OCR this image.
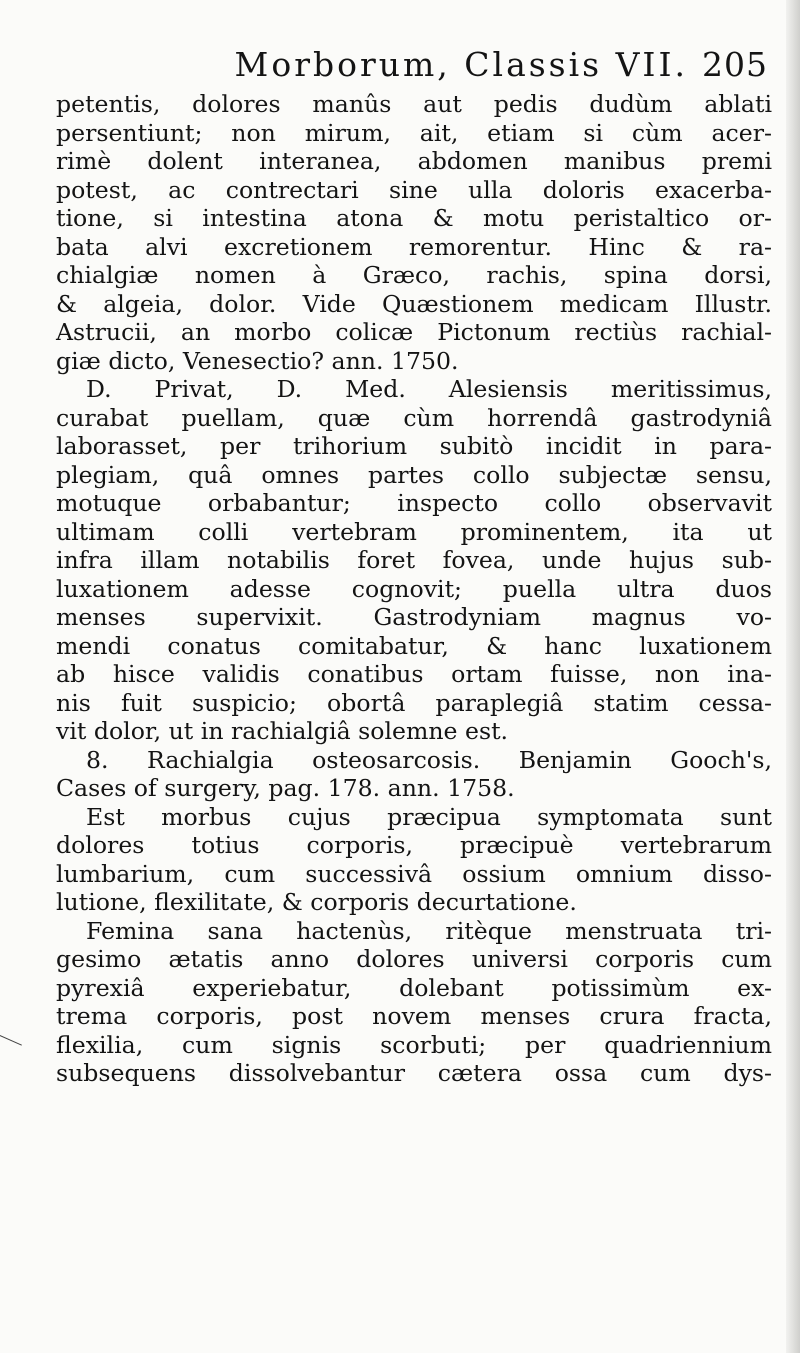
Morborum, Classis VII. 205

petentis, dolores manûs aut pedis dudùm ablati
persentiunt; non mirum, ait, etiam si cùm acer-
rimè dolent interanea, abdomen manibus premi
potest, ac contrectari sine ulla doloris exacerba-
tione, si intestina atona & motu peristaltico or-
bata alvi excretionem remorentur. Hinc & ra-
chialgiæ nomen à Græco, rachis, spina dorsi,
& algeia, dolor. Vide Quæstionem medicam Illustr.
Astrucii, an morbo colicæ Pictonum rectiùs rachial-
giæ dicto, Venesectio? ann. 1750.

D. Privat, D. Med. Alesiensis meritissimus,
curabat puellam, quæ cùm horrendâ gastrodyniâ
laborasset, per trihorium subitò incidit in para-
plegiam, quâ omnes partes collo subjectæ sensu,
motuque orbabantur; inspecto collo observavit
ultimam colli vertebram prominentem, ita ut
infra illam notabilis foret fovea, unde hujus sub-
luxationem adesse cognovit; puella ultra duos
menses supervixit. Gastrodyniam magnus vo-
mendi conatus comitabatur, & hanc luxationem
ab hisce validis conatibus ortam fuisse, non ina-
nis fuit suspicio; obortâ paraplegiâ statim cessa-
vit dolor, ut in rachialgiâ solemne est.

8. Rachialgia osteosarcosis. Benjamin Gooch's,
Cases of surgery, pag. 178. ann. 1758.

Est morbus cujus præcipua symptomata sunt
dolores totius corporis, præcipuè vertebrarum
lumbarium, cum successivâ ossium omnium disso-
lutione, flexilitate, & corporis decurtatione.

Femina sana hactenùs, ritèque menstruata tri-
gesimo ætatis anno dolores universi corporis cum
pyrexiâ experiebatur, dolebant potissimùm ex-
trema corporis, post novem menses crura fracta,
flexilia, cum signis scorbuti; per quadriennium
subsequens dissolvebantur cætera ossa cum dys-
